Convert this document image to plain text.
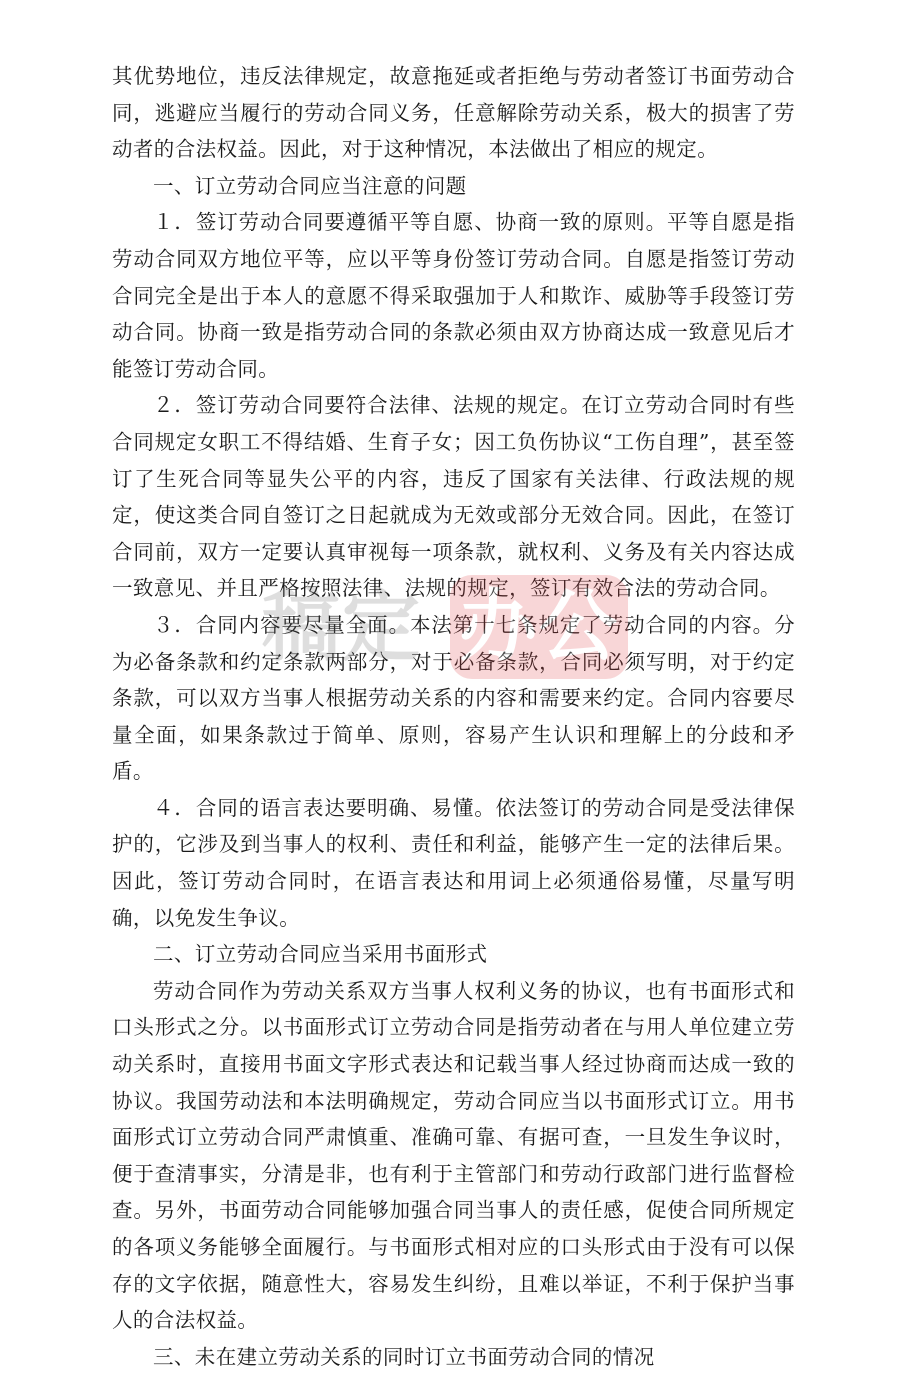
其优势地位，违反法律规定，故意拖延或者拒绝与劳动者签订书面劳动合同，逃避应当履行的劳动合同义务，任意解除劳动关系，极大的损害了劳动者的合法权益。因此，对于这种情况，本法做出了相应的规定。

一、订立劳动合同应当注意的问题

１．签订劳动合同要遵循平等自愿、协商一致的原则。平等自愿是指劳动合同双方地位平等，应以平等身份签订劳动合同。自愿是指签订劳动合同完全是出于本人的意愿不得采取强加于人和欺诈、威胁等手段签订劳动合同。协商一致是指劳动合同的条款必须由双方协商达成一致意见后才能签订劳动合同。

２．签订劳动合同要符合法律、法规的规定。在订立劳动合同时有些合同规定女职工不得结婚、生育子女；因工负伤协议“工伤自理”，甚至签订了生死合同等显失公平的内容，违反了国家有关法律、行政法规的规定，使这类合同自签订之日起就成为无效或部分无效合同。因此，在签订合同前，双方一定要认真审视每一项条款，就权利、义务及有关内容达成一致意见、并且严格按照法律、法规的规定，签订有效合法的劳动合同。

３．合同内容要尽量全面。本法第十七条规定了劳动合同的内容。分为必备条款和约定条款两部分，对于必备条款，合同必须写明，对于约定条款，可以双方当事人根据劳动关系的内容和需要来约定。合同内容要尽量全面，如果条款过于简单、原则，容易产生认识和理解上的分歧和矛盾。

４．合同的语言表达要明确、易懂。依法签订的劳动合同是受法律保护的，它涉及到当事人的权利、责任和利益，能够产生一定的法律后果。因此，签订劳动合同时，在语言表达和用词上必须通俗易懂，尽量写明确，以免发生争议。

二、订立劳动合同应当采用书面形式

劳动合同作为劳动关系双方当事人权利义务的协议，也有书面形式和口头形式之分。以书面形式订立劳动合同是指劳动者在与用人单位建立劳动关系时，直接用书面文字形式表达和记载当事人经过协商而达成一致的协议。我国劳动法和本法明确规定，劳动合同应当以书面形式订立。用书面形式订立劳动合同严肃慎重、准确可靠、有据可查，一旦发生争议时，便于查清事实，分清是非，也有利于主管部门和劳动行政部门进行监督检查。另外，书面劳动合同能够加强合同当事人的责任感，促使合同所规定的各项义务能够全面履行。与书面形式相对应的口头形式由于没有可以保存的文字依据，随意性大，容易发生纠纷，且难以举证，不利于保护当事人的合法权益。

三、未在建立劳动关系的同时订立书面劳动合同的情况

稿定 办公
